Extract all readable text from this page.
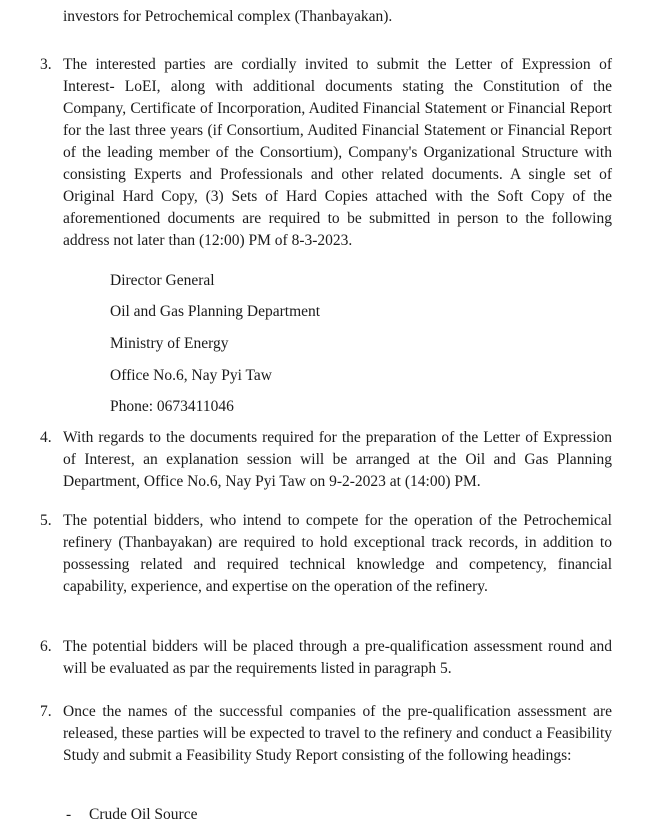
investors for Petrochemical complex (Thanbayakan).
3. The interested parties are cordially invited to submit the Letter of Expression of Interest- LoEI, along with additional documents stating the Constitution of the Company, Certificate of Incorporation, Audited Financial Statement or Financial Report for the last three years (if Consortium, Audited Financial Statement or Financial Report of the leading member of the Consortium), Company's Organizational Structure with consisting Experts and Professionals and other related documents. A single set of Original Hard Copy, (3) Sets of Hard Copies attached with the Soft Copy of the aforementioned documents are required to be submitted in person to the following address not later than (12:00) PM of 8-3-2023.
Director General
Oil and Gas Planning Department
Ministry of Energy
Office No.6, Nay Pyi Taw
Phone: 0673411046
4. With regards to the documents required for the preparation of the Letter of Expression of Interest, an explanation session will be arranged at the Oil and Gas Planning Department, Office No.6, Nay Pyi Taw on 9-2-2023 at (14:00) PM.
5. The potential bidders, who intend to compete for the operation of the Petrochemical refinery (Thanbayakan) are required to hold exceptional track records, in addition to possessing related and required technical knowledge and competency, financial capability, experience, and expertise on the operation of the refinery.
6. The potential bidders will be placed through a pre-qualification assessment round and will be evaluated as par the requirements listed in paragraph 5.
7. Once the names of the successful companies of the pre-qualification assessment are released, these parties will be expected to travel to the refinery and conduct a Feasibility Study and submit a Feasibility Study Report consisting of the following headings:
- Crude Oil Source
